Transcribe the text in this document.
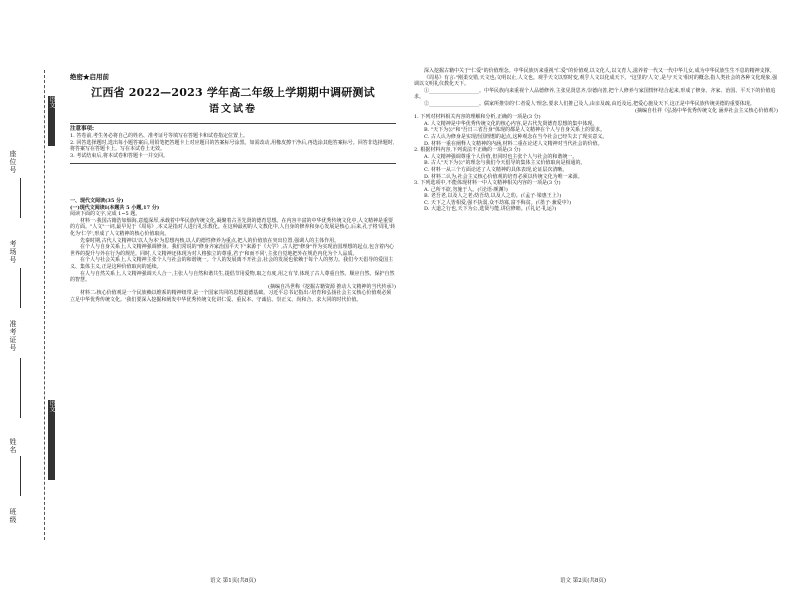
座位号
考场号
准考证号
姓名
班级
语文
语文
绝密★启用前
江西省 2022—2023 学年高二年级上学期期中调研测试
语文试卷
注意事项:

1. 答卷前,考生务必将自己的姓名、准考证号等填写在答题卡和试卷指定位置上。

2. 回答选择题时,选出每小题答案后,用铅笔把答题卡上对应题目的答案标号涂黑。如需改动,用橡皮擦干净后,再选涂其他答案标号。回答非选择题时,将答案写在答题卡上。写在本试卷上无效。

3. 考试结束后,将本试卷和答题卡一并交回。

一、现代文阅读(35 分)

(一)现代文阅读Ⅰ(本题共 5 小题,17 分)

阅读下面的文字,完成 1~5 题。

材料一:我国古籍浩如烟海,意蕴深厚,承载着中华民族传统文化,凝聚着古圣先贤的德育思想。在内容丰富的中华优秀传统文化中,人文精神是重要的方面。"人文"一词,最早见于《周易》,本义是指对人进行礼乐教化。在这种最初的人文教化中,人自身的修养和身心发展是核心,后来,孔子将'周礼'转化为'仁学',形成了人文精神的核心价值取向。

先秦时期,古代人文精神以'以人为本'为思想内核,以人的德性修养为重点,把人的价值放在突出位置,强调人的主体作用。

在个人与自身关系上,人文精神强调修身。我们常说的"修身齐家治国平天下"来源于《大学》,古人把"修身"作为实现治国理想的起点,包含着内心世界的提升与外在行为的规范。同时,人文精神还体现为对人格独立的尊重,君子'和而不同',主张自觉地把外在规范内化为个人品质。

在个人与社会关系上,人文精神主张个人与社会的和谐统一。个人的发展离不开社会,社会的发展也依赖于每个人的努力。我们今天倡导的爱国主义、集体主义,正是这种价值取向的延续。

在人与自然关系上,人文精神强调天人合一,主张人与自然和谐共生,提倡节用爱物,取之有度,用之有节,体现了古人尊重自然、顺应自然、保护自然的智慧。

(摘编自冯世称《挖掘古籍资源 推动人文精神的当代传承》)

材料二:核心价值观是一个民族赖以维系的精神纽带,是一个国家共同的思想道德基础。习近平总书记指出:'培育和弘扬社会主义核心价值观必须立足中华优秀传统文化。'我们要深入挖掘和阐发中华优秀传统文化讲仁爱、重民本、守诚信、崇正义、尚和合、求大同的时代价值。

深入挖掘古籍中关于"仁爱"的价值理念。中华民族历来重视"仁爱"的价值观,以文化人,以文育人,滋养着一代又一代中华儿女,成为中华民族生生不息的精神支撑。

《周易》有言:"刚柔交错,天文也;文明以止,人文也。观乎天文以察时变,观乎人文以化成天下。"这里的'人文',是与'天文'相对的概念,指人类社会的各种文化现象,强调以文明礼仪教化天下。

①____________________。中华民族向来重视个人品德修养,主张见贤思齐,崇德向善,把个人修养与家国情怀结合起来,形成了修身、齐家、治国、平天下的价值追求。

②____________________。儒家所推崇的'仁者爱人'理念,要求人们推己及人,由亲及疏,由近及远,把爱心施及天下,这正是中华民族传统美德的重要体现。

(摘编自杜祥《弘扬中华优秀传统文化 涵养社会主义核心价值观》)

1. 下列对材料相关内容的理解和分析,正确的一项是(3 分)

A. 人文精神是中华优秀传统文化的核心内容,是古代先贤德育思想的集中体现。

B. "天下为公"和"吾日三省吾身"体现的都是人文精神在个人与自身关系上的要求。

C. 古人认为修身是实现治国理想的起点,这种观念在当今社会已经失去了现实意义。

D. 材料一重在阐释人文精神的内涵,材料二重在论述人文精神对当代社会的价值。

2. 根据材料内容,下列说法不正确的一项是(3 分)

A. 人文精神强调尊重个人价值,但同时也主张个人与社会的和谐统一。

B. 古人"天下为公"的理念与我们今天倡导的集体主义价值取向是相通的。

C. 材料一从三个方面论述了人文精神的具体表现,论证层次清晰。

D. 材料二认为,社会主义核心价值观的培育必须以传统文化为唯一来源。

3. 下列选项中,不能体现材料一中人文精神相关内容的一项是(3 分)

A. 己所不欲,勿施于人。(《论语·颜渊》)

B. 老吾老,以及人之老;幼吾幼,以及人之幼。(《孟子·梁惠王上》)

C. 天下之人皆相爱,强不执弱,众不劫寡,富不侮贫。(《墨子·兼爱中》)

D. 大道之行也,天下为公,选贤与能,讲信修睦。(《礼记·礼运》)

语文 第1页(共8页)	语文 第2页(共8页)
